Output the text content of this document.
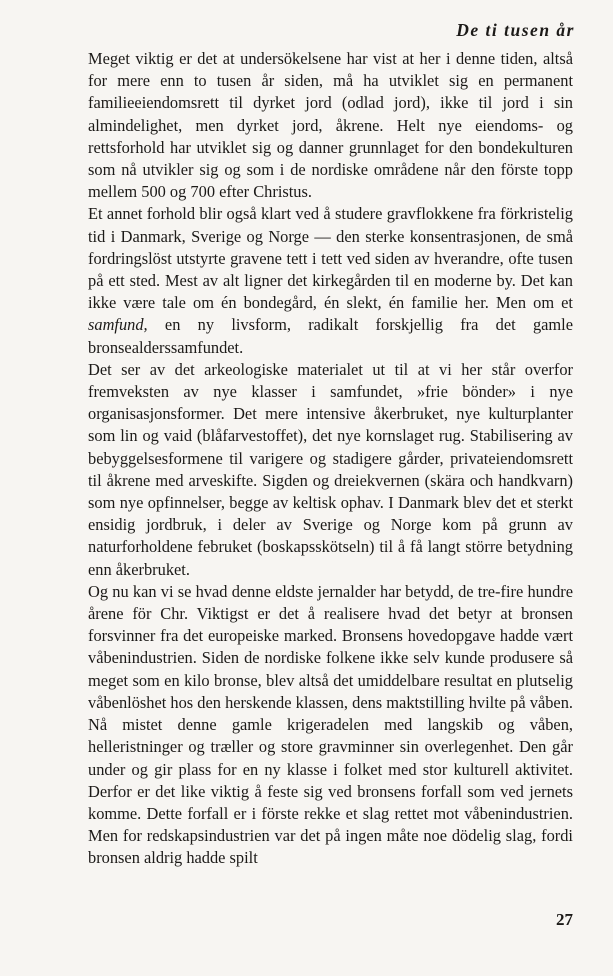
De ti tusen år

Meget viktig er det at undersökelsene har vist at her i denne tiden, altså for mere enn to tusen år siden, må ha utviklet sig en permanent familieeiendomsrett til dyrket jord (odlad jord), ikke til jord i sin almindelighet, men dyrket jord, åkrene. Helt nye eiendoms- og rettsforhold har utviklet sig og danner grunnlaget for den bondekulturen som nå utvikler sig og som i de nordiske områdene når den förste topp mellem 500 og 700 efter Christus.

Et annet forhold blir også klart ved å studere gravflokkene fra förkristelig tid i Danmark, Sverige og Norge — den sterke konsentrasjonen, de små fordringslöst utstyrte gravene tett i tett ved siden av hverandre, ofte tusen på ett sted. Mest av alt ligner det kirkegården til en moderne by. Det kan ikke være tale om én bondegård, én slekt, én familie her. Men om et samfund, en ny livsform, radikalt forskjellig fra det gamle bronsealderssamfundet.

Det ser av det arkeologiske materialet ut til at vi her står overfor fremveksten av nye klasser i samfundet, »frie bönder» i nye organisasjonsformer. Det mere intensive åkerbruket, nye kulturplanter som lin og vaid (blåfarvestoffet), det nye kornslaget rug. Stabilisering av bebyggelsesformene til varigere og stadigere gårder, privateiendomsrett til åkrene med arveskifte. Sigden og dreiekvernen (skära och handkvarn) som nye opfinnelser, begge av keltisk ophav. I Danmark blev det et sterkt ensidig jordbruk, i deler av Sverige og Norge kom på grunn av naturforholdene februket (boskapsskötseln) til å få langt större betydning enn åkerbruket.

Og nu kan vi se hvad denne eldste jernalder har betydd, de tre-fire hundre årene för Chr. Viktigst er det å realisere hvad det betyr at bronsen forsvinner fra det europeiske marked. Bronsens hovedopgave hadde vært våbenindustrien. Siden de nordiske folkene ikke selv kunde produsere så meget som en kilo bronse, blev altså det umiddelbare resultat en plutselig våbenlöshet hos den herskende klassen, dens maktstilling hvilte på våben. Nå mistet denne gamle krigeradelen med langskib og våben, helleristninger og træller og store gravminner sin overlegenhet. Den går under og gir plass for en ny klasse i folket med stor kulturell aktivitet. Derfor er det like viktig å feste sig ved bronsens forfall som ved jernets komme. Dette forfall er i förste rekke et slag rettet mot våbenindustrien. Men for redskapsindustrien var det på ingen måte noe dödelig slag, fordi bronsen aldrig hadde spilt

27
